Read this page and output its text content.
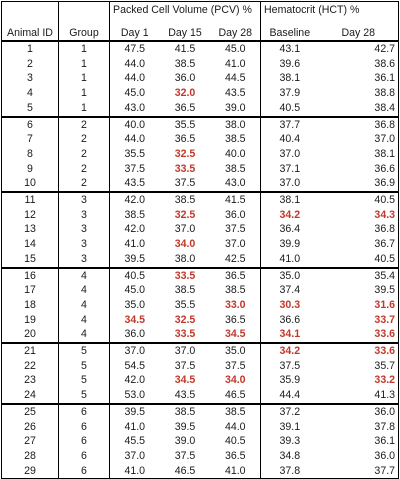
		Packed Cell Volume (PCV) %			Hematocrit (HCT) %	
Animal ID	Group	Day 1	Day 15	Day 28	Baseline	Day 28
1	1	47.5	41.5	45.0	43.1	42.7
2	1	44.0	38.5	41.0	39.6	38.6
3	1	44.0	36.0	44.5	38.1	36.1
4	1	45.0	32.0	43.5	37.9	38.8
5	1	43.0	36.5	39.0	40.5	38.4
6	2	40.0	35.5	38.0	37.7	36.8
7	2	44.0	36.5	38.5	40.4	37.0
8	2	35.5	32.5	40.0	37.0	38.1
9	2	37.5	33.5	38.5	37.1	36.6
10	2	43.5	37.5	43.0	37.0	36.9
11	3	42.0	38.5	41.5	38.1	40.5
12	3	38.5	32.5	36.0	34.2	34.3
13	3	42.0	37.0	37.5	36.4	36.8
14	3	41.0	34.0	37.0	39.9	36.7
15	3	39.5	38.0	42.5	41.0	40.5
16	4	40.5	33.5	36.5	35.0	35.4
17	4	45.0	38.5	38.5	37.4	39.5
18	4	35.0	35.5	33.0	30.3	31.6
19	4	34.5	32.5	36.5	36.6	33.7
20	4	36.0	33.5	34.5	34.1	33.6
21	5	37.0	37.0	35.0	34.2	33.6
22	5	54.5	37.5	37.5	37.5	35.7
23	5	42.0	34.5	34.0	35.9	33.2
24	5	53.0	43.5	46.5	44.4	41.3
25	6	39.5	38.5	38.5	37.2	36.0
26	6	41.0	39.5	44.0	39.1	37.8
27	6	45.5	39.0	40.5	39.3	36.1
28	6	37.0	37.5	36.5	34.8	36.0
29	6	41.0	46.5	41.0	37.8	37.7
